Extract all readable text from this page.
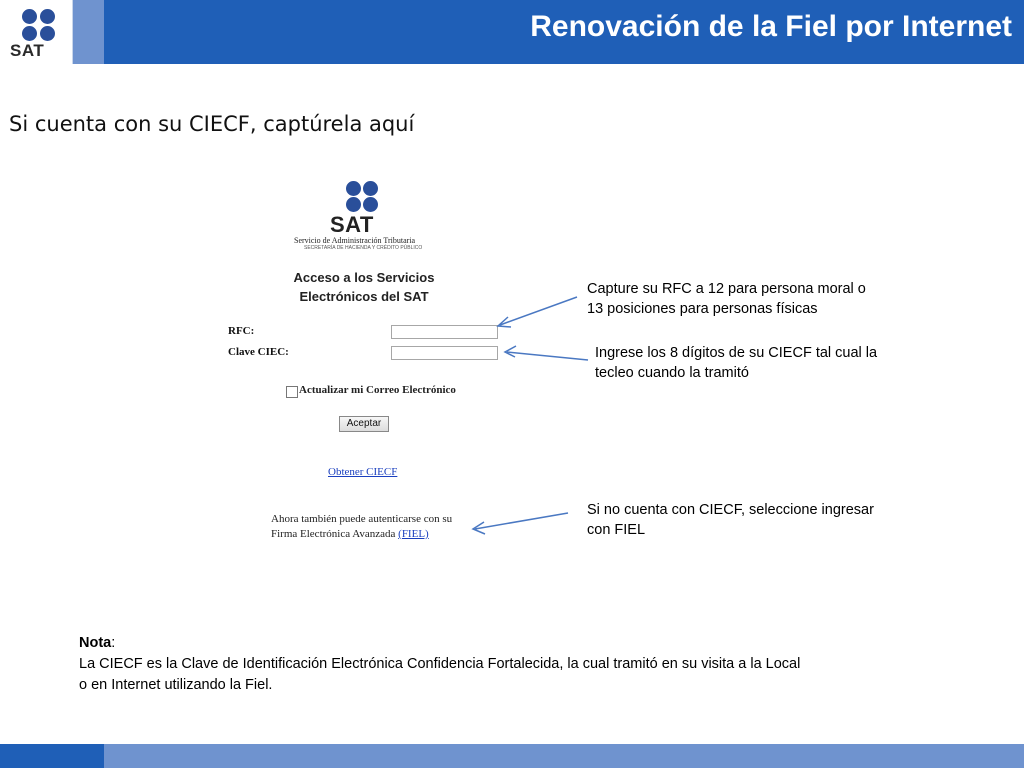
SAT
Renovación de la Fiel por Internet
Si cuenta con su CIECF, captúrela aquí
SAT
Servicio de Administración Tributaria
SECRETARÍA DE HACIENDA Y CRÉDITO PÚBLICO
Acceso a los Servicios
Electrónicos del SAT
RFC:
Clave CIEC:
Actualizar mi Correo Electrónico
Aceptar
Obtener CIECF
Ahora también puede autenticarse con su Firma Electrónica Avanzada (FIEL)
Capture su RFC a 12 para persona moral o
13 posiciones para personas físicas
Ingrese los 8 dígitos de su CIECF tal cual la
tecleo cuando la tramitó
Si no cuenta con CIECF, seleccione ingresar
con FIEL
Nota:
La CIECF es la Clave de Identificación Electrónica Confidencia Fortalecida, la cual tramitó en su visita a la Local
o en Internet utilizando la Fiel.
